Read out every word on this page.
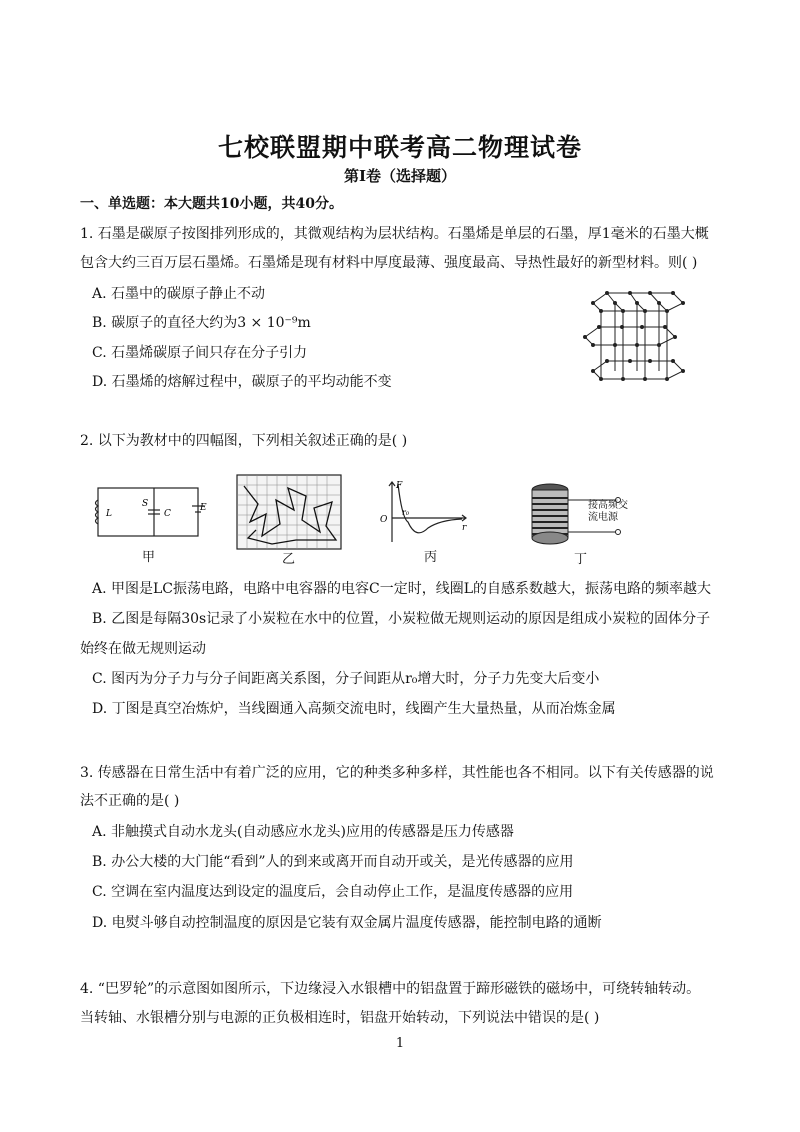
七校联盟期中联考高二物理试卷
第I卷（选择题）
一、单选题：本大题共10小题，共40分。
1. 石墨是碳原子按图排列形成的，其微观结构为层状结构。石墨烯是单层的石墨，厚1毫米的石墨大概
包含大约三百万层石墨烯。石墨烯是现有材料中厚度最薄、强度最高、导热性最好的新型材料。则( )
A. 石墨中的碳原子静止不动
B. 碳原子的直径大约为3 × 10⁻⁹m
C. 石墨烯碳原子间只存在分子引力
D. 石墨烯的熔解过程中，碳原子的平均动能不变
2. 以下为教材中的四幅图，下列相关叙述正确的是( )
L
S
C
E
甲	乙
F
O
r₀
r
丙
接高频交
流电源
丁
A. 甲图是LC振荡电路，电路中电容器的电容C一定时，线圈L的自感系数越大，振荡电路的频率越大
B. 乙图是每隔30s记录了小炭粒在水中的位置，小炭粒做无规则运动的原因是组成小炭粒的固体分子
始终在做无规则运动
C. 图丙为分子力与分子间距离关系图，分子间距从r₀增大时，分子力先变大后变小
D. 丁图是真空冶炼炉，当线圈通入高频交流电时，线圈产生大量热量，从而冶炼金属
3. 传感器在日常生活中有着广泛的应用，它的种类多种多样，其性能也各不相同。以下有关传感器的说
法不正确的是( )
A. 非触摸式自动水龙头(自动感应水龙头)应用的传感器是压力传感器
B. 办公大楼的大门能“看到”人的到来或离开而自动开或关，是光传感器的应用
C. 空调在室内温度达到设定的温度后，会自动停止工作，是温度传感器的应用
D. 电熨斗够自动控制温度的原因是它装有双金属片温度传感器，能控制电路的通断
4. “巴罗轮”的示意图如图所示，下边缘浸入水银槽中的铝盘置于蹄形磁铁的磁场中，可绕转轴转动。
当转轴、水银槽分别与电源的正负极相连时，铝盘开始转动，下列说法中错误的是( )
1
